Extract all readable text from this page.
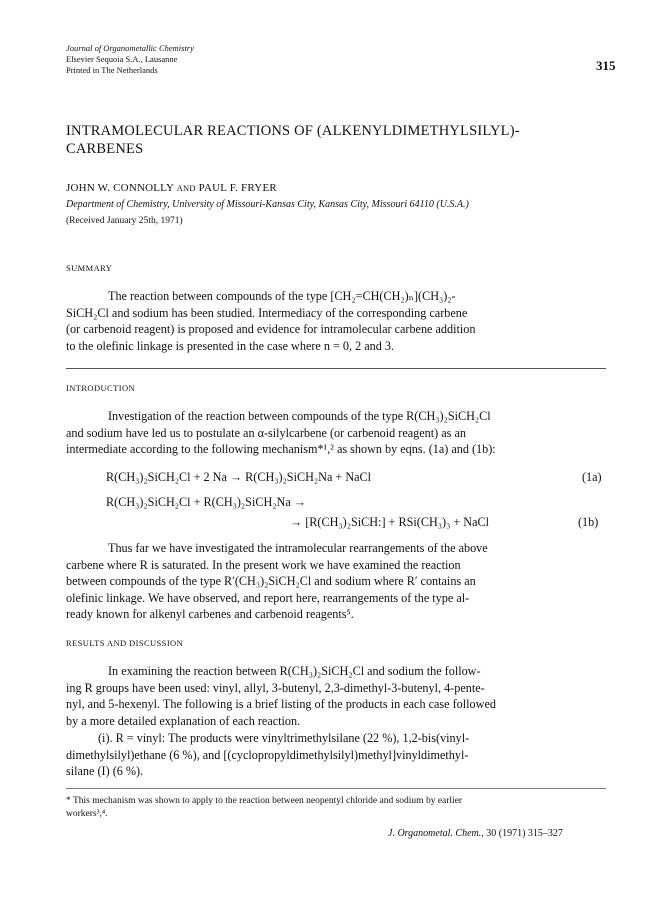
Journal of Organometallic Chemistry
Elsevier Sequoia S.A., Lausanne
Printed in The Netherlands	315
INTRAMOLECULAR REACTIONS OF (ALKENYLDIMETHYLSILYL)-
CARBENES
JOHN W. CONNOLLY AND PAUL F. FRYER
Department of Chemistry, University of Missouri-Kansas City, Kansas City, Missouri 64110 (U.S.A.)
(Received January 25th, 1971)
SUMMARY
The reaction between compounds of the type [CH₂=CH(CH₂)ₙ](CH₃)₂-
SiCH₂Cl and sodium has been studied. Intermediacy of the corresponding carbene
(or carbenoid reagent) is proposed and evidence for intramolecular carbene addition
to the olefinic linkage is presented in the case where n = 0, 2 and 3.
INTRODUCTION
Investigation of the reaction between compounds of the type R(CH₃)₂SiCH₂Cl
and sodium have led us to postulate an α-silylcarbene (or carbenoid reagent) as an
intermediate according to the following mechanism*¹,² as shown by eqns. (1a) and (1b):
R(CH₃)₂SiCH₂Cl + 2 Na → R(CH₃)₂SiCH₂Na + NaCl	(1a)
R(CH₃)₂SiCH₂Cl + R(CH₃)₂SiCH₂Na →
→ [R(CH₃)₂SiCH:] + RSi(CH₃)₃ + NaCl	(1b)
Thus far we have investigated the intramolecular rearrangements of the above
carbene where R is saturated. In the present work we have examined the reaction
between compounds of the type R′(CH₃)₂SiCH₂Cl and sodium where R′ contains an
olefinic linkage. We have observed, and report here, rearrangements of the type al-
ready known for alkenyl carbenes and carbenoid reagents⁵.
RESULTS AND DISCUSSION
In examining the reaction between R(CH₃)₂SiCH₂Cl and sodium the follow-
ing R groups have been used: vinyl, allyl, 3-butenyl, 2,3-dimethyl-3-butenyl, 4-pente-
nyl, and 5-hexenyl. The following is a brief listing of the products in each case followed
by a more detailed explanation of each reaction.
(i). R = vinyl: The products were vinyltrimethylsilane (22 %), 1,2-bis(vinyl-
dimethylsilyl)ethane (6 %), and [(cyclopropyldimethylsilyl)methyl]vinyldimethyl-
silane (I) (6 %).
* This mechanism was shown to apply to the reaction between neopentyl chloride and sodium by earlier
workers³,⁴.
J. Organometal. Chem., 30 (1971) 315–327
